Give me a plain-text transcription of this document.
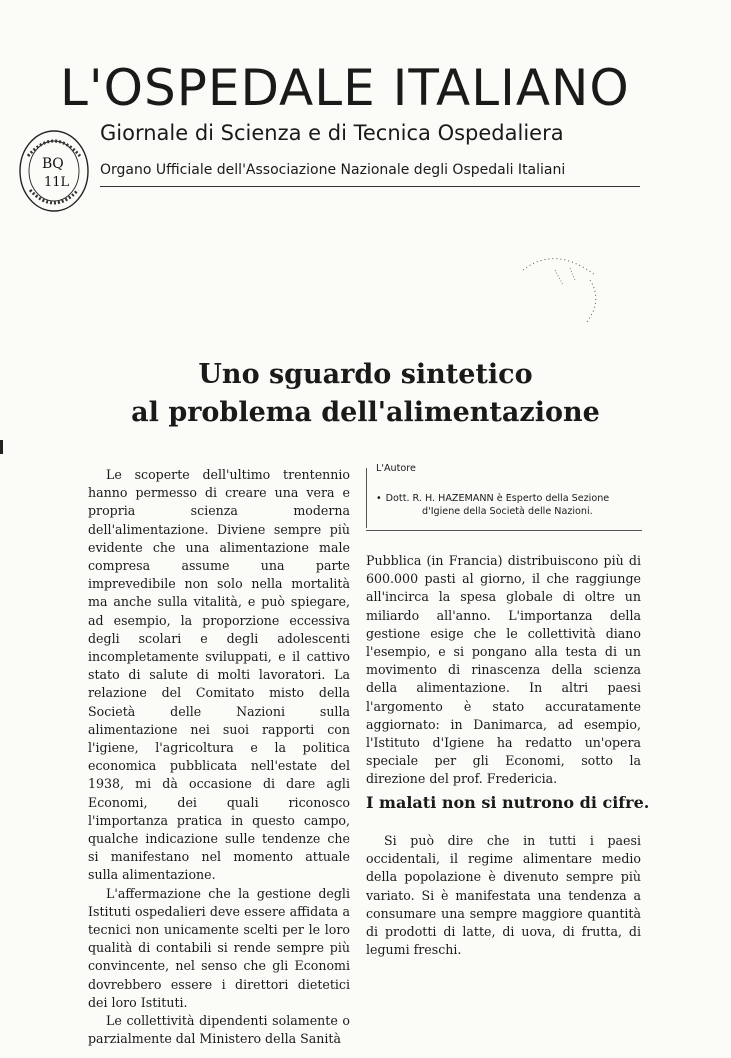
L'OSPEDALE ITALIANO
Giornale di Scienza e di Tecnica Ospedaliera
Organo Ufficiale dell'Associazione Nazionale degli Ospedali Italiani
BQ
11L
Uno sguardo sintetico
al problema dell'alimentazione
L'Autore
• Dott. R. H. HAZEMANN è Esperto della Sezione
d'Igiene della Società delle Nazioni.

Le scoperte dell'ultimo trentennio hanno permesso di creare una vera e propria scienza moderna dell'alimentazione. Diviene sempre più evidente che una alimentazione male compresa assume una parte imprevedibile non solo nella mortalità ma anche sulla vitalità, e può spiegare, ad esempio, la proporzione eccessiva degli scolari e degli adolescenti incompletamente sviluppati, e il cattivo stato di salute di molti lavoratori. La relazione del Comitato misto della Società delle Nazioni sulla alimentazione nei suoi rapporti con l'igiene, l'agricoltura e la politica economica pubblicata nell'estate del 1938, mi dà occasione di dare agli Economi, dei quali riconosco l'importanza pratica in questo campo, qualche indicazione sulle tendenze che si manifestano nel momento attuale sulla alimentazione.

L'affermazione che la gestione degli Istituti ospedalieri deve essere affidata a tecnici non unicamente scelti per le loro qualità di contabili si rende sempre più convincente, nel senso che gli Economi dovrebbero essere i direttori dietetici dei loro Istituti.

Le collettività dipendenti solamente o parzialmente dal Ministero della Sanità

Pubblica (in Francia) distribuiscono più di 600.000 pasti al giorno, il che raggiunge all'incirca la spesa globale di oltre un miliardo all'anno. L'importanza della gestione esige che le collettività diano l'esempio, e si pongano alla testa di un movimento di rinascenza della scienza della alimentazione. In altri paesi l'argomento è stato accuratamente aggiornato: in Danimarca, ad esempio, l'Istituto d'Igiene ha redatto un'opera speciale per gli Economi, sotto la direzione del prof. Fredericia.

I malati non si nutrono di cifre.

Si può dire che in tutti i paesi occidentali, il regime alimentare medio della popolazione è divenuto sempre più variato. Si è manifestata una tendenza a consumare una sempre maggiore quantità di prodotti di latte, di uova, di frutta, di legumi freschi.
